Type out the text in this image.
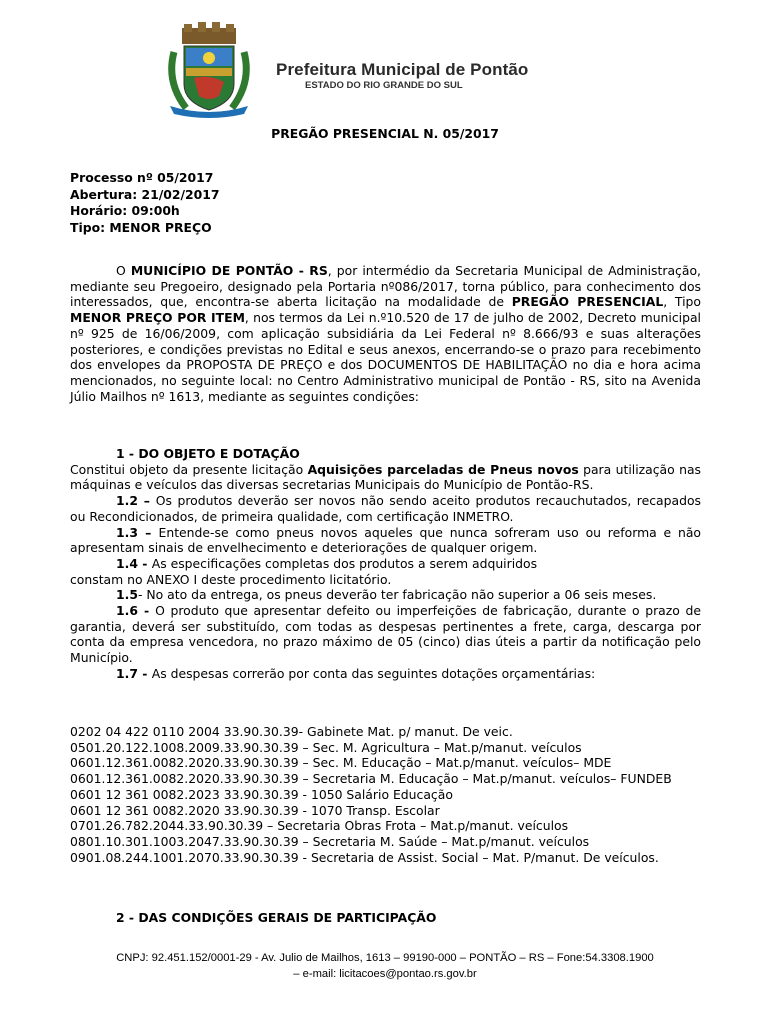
Prefeitura Municipal de Pontão
ESTADO DO RIO GRANDE DO SUL
PREGÃO PRESENCIAL N. 05/2017
Processo nº 05/2017
Abertura: 21/02/2017
Horário: 09:00h
Tipo: MENOR PREÇO

O MUNICÍPIO DE PONTÃO - RS, por intermédio da Secretaria Municipal de Administração, mediante seu Pregoeiro, designado pela Portaria nº086/2017, torna público, para conhecimento dos interessados, que, encontra-se aberta licitação na modalidade de PREGÃO PRESENCIAL, Tipo MENOR PREÇO POR ITEM, nos termos da Lei n.º10.520 de 17 de julho de 2002, Decreto municipal nº 925 de 16/06/2009, com aplicação subsidiária da Lei Federal nº 8.666/93 e suas alterações posteriores, e condições previstas no Edital e seus anexos, encerrando-se o prazo para recebimento dos envelopes da PROPOSTA DE PREÇO e dos DOCUMENTOS DE HABILITAÇÃO no dia e hora acima mencionados, no seguinte local: no Centro Administrativo municipal de Pontão - RS, sito na Avenida Júlio Mailhos nº 1613, mediante as seguintes condições:

1 - DO OBJETO E DOTAÇÃO

Constitui objeto da presente licitação Aquisições parceladas de Pneus novos para utilização nas máquinas e veículos das diversas secretarias Municipais do Município de Pontão-RS.

1.2 – Os produtos deverão ser novos não sendo aceito produtos recauchutados, recapados ou Recondicionados, de primeira qualidade, com certificação INMETRO.

1.3 – Entende-se como pneus novos aqueles que nunca sofreram uso ou reforma e não apresentam sinais de envelhecimento e deteriorações de qualquer origem.

1.4 - As especificações completas dos produtos a serem adquiridos

constam no ANEXO I deste procedimento licitatório.

1.5- No ato da entrega, os pneus deverão ter fabricação não superior a 06 seis meses.

1.6 - O produto que apresentar defeito ou imperfeições de fabricação, durante o prazo de garantia, deverá ser substituído, com todas as despesas pertinentes a frete, carga, descarga por conta da empresa vencedora, no prazo máximo de 05 (cinco) dias úteis a partir da notificação pelo Município.

1.7 - As despesas correrão por conta das seguintes dotações orçamentárias:

0202 04 422 0110 2004 33.90.30.39- Gabinete Mat. p/ manut. De veic.

0501.20.122.1008.2009.33.90.30.39 – Sec. M. Agricultura – Mat.p/manut. veículos

0601.12.361.0082.2020.33.90.30.39 – Sec. M. Educação – Mat.p/manut. veículos– MDE

0601.12.361.0082.2020.33.90.30.39 – Secretaria M. Educação – Mat.p/manut. veículos– FUNDEB

0601 12 361 0082.2023 33.90.30.39 - 1050 Salário Educação

0601 12 361 0082.2020 33.90.30.39 - 1070 Transp. Escolar

0701.26.782.2044.33.90.30.39 – Secretaria Obras Frota – Mat.p/manut. veículos

0801.10.301.1003.2047.33.90.30.39 – Secretaria M. Saúde – Mat.p/manut. veículos

0901.08.244.1001.2070.33.90.30.39 - Secretaria de Assist. Social – Mat. P/manut. De veículos.

2 - DAS CONDIÇÕES GERAIS DE PARTICIPAÇÃO

CNPJ: 92.451.152/0001-29 - Av. Julio de Mailhos, 1613 – 99190-000 – PONTÃO – RS – Fone:54.3308.1900
– e-mail: licitacoes@pontao.rs.gov.br
